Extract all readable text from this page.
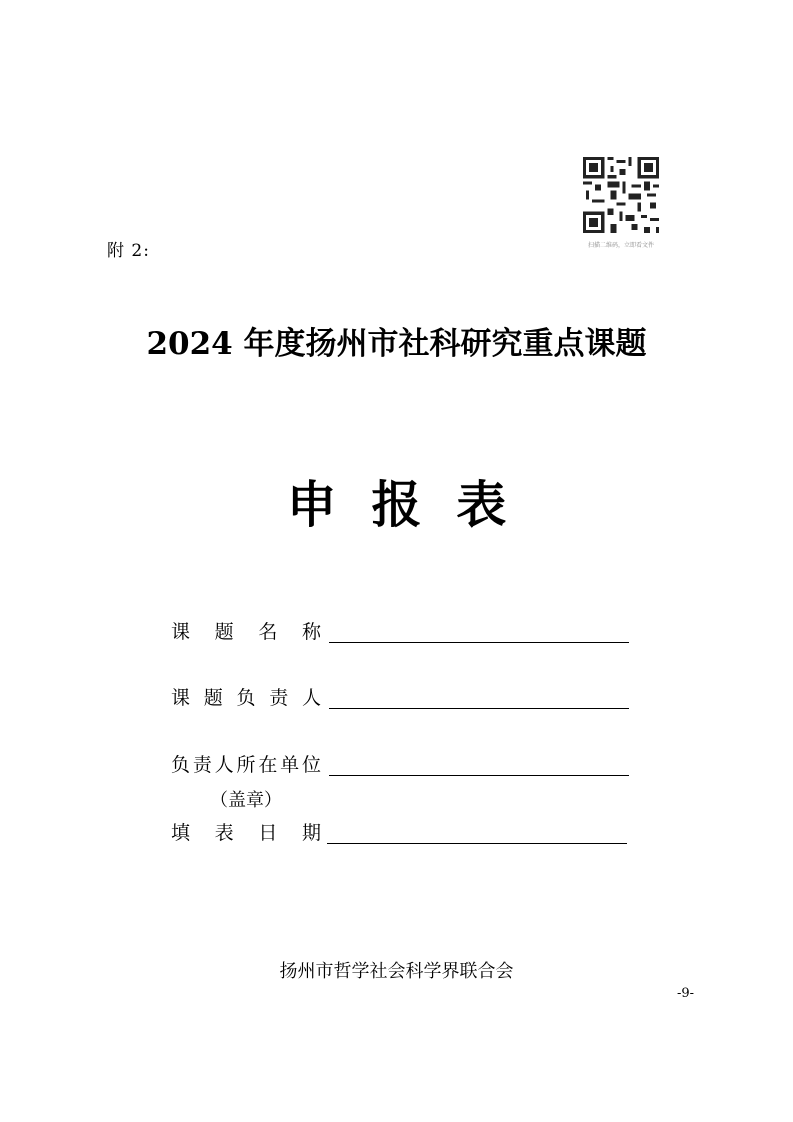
附 2:	扫描二维码，立即看文件
2024 年度扬州市社科研究重点课题
申  报  表
课 题 名 称
课 题 负 责 人
负 责 人 所 在 单 位
（盖章）
填 表 日 期
扬州市哲学社会科学界联合会
-9-
